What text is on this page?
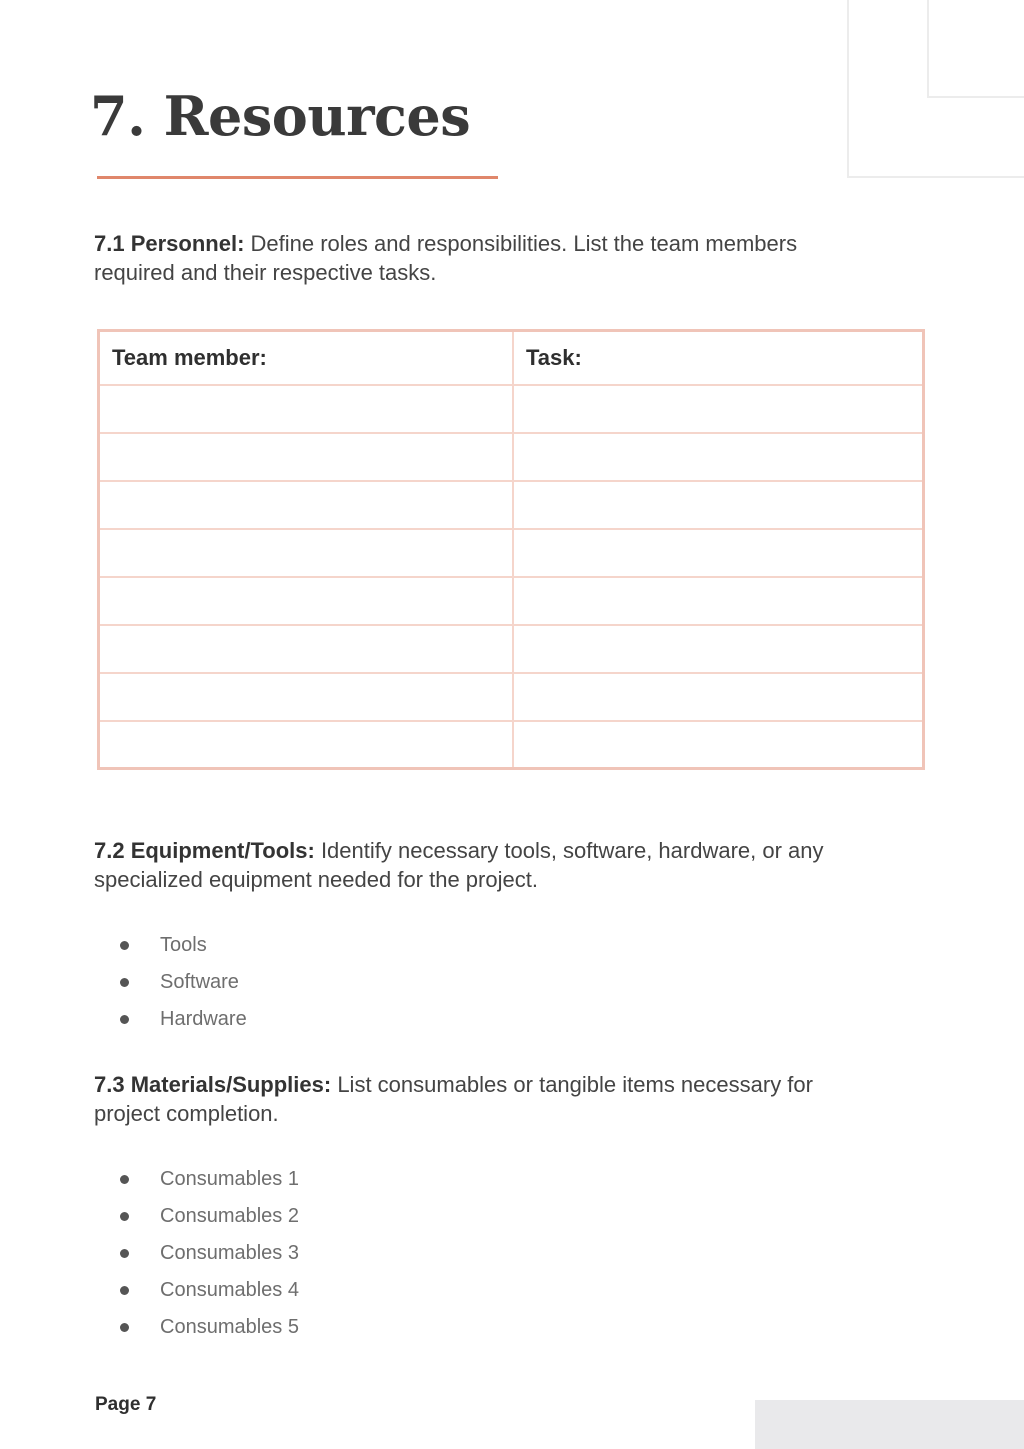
7. Resources

7.1 Personnel: Define roles and responsibilities. List the team members required and their respective tasks.

Team member:	Task:

7.2 Equipment/Tools: Identify necessary tools, software, hardware, or any specialized equipment needed for the project.

Tools
Software
Hardware

7.3 Materials/Supplies: List consumables or tangible items necessary for project completion.

Consumables 1
Consumables 2
Consumables 3
Consumables 4
Consumables 5
Page 7
